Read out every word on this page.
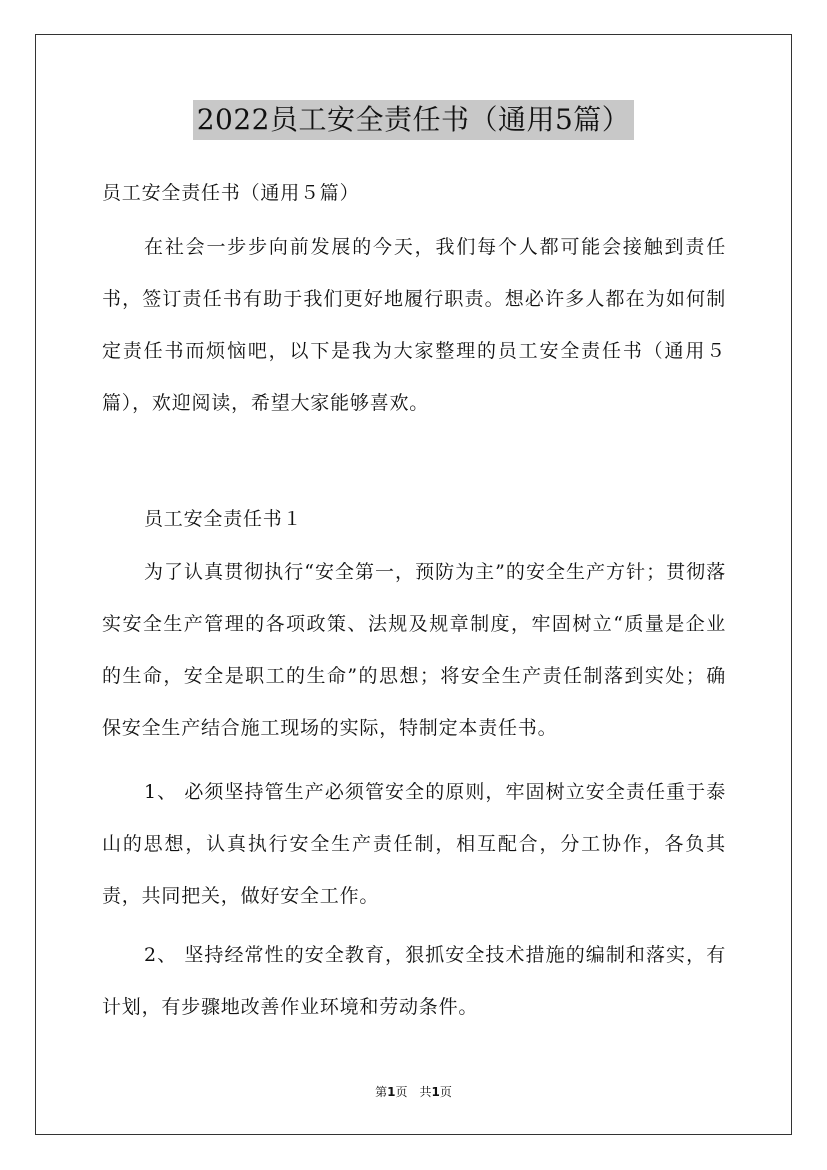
2022员工安全责任书（通用5篇）

员工安全责任书（通用５篇）

在社会一步步向前发展的今天，我们每个人都可能会接触到责任书，签订责任书有助于我们更好地履行职责。想必许多人都在为如何制定责任书而烦恼吧，以下是我为大家整理的员工安全责任书（通用５篇），欢迎阅读，希望大家能够喜欢。

员工安全责任书１

为了认真贯彻执行“安全第一，预防为主”的安全生产方针；贯彻落实安全生产管理的各项政策、法规及规章制度，牢固树立“质量是企业的生命，安全是职工的生命”的思想；将安全生产责任制落到实处；确保安全生产结合施工现场的实际，特制定本责任书。

1、 必须坚持管生产必须管安全的原则，牢固树立安全责任重于泰山的思想，认真执行安全生产责任制，相互配合，分工协作，各负其责，共同把关，做好安全工作。

2、 坚持经常性的安全教育，狠抓安全技术措施的编制和落实，有计划，有步骤地改善作业环境和劳动条件。

第1页　共1页
